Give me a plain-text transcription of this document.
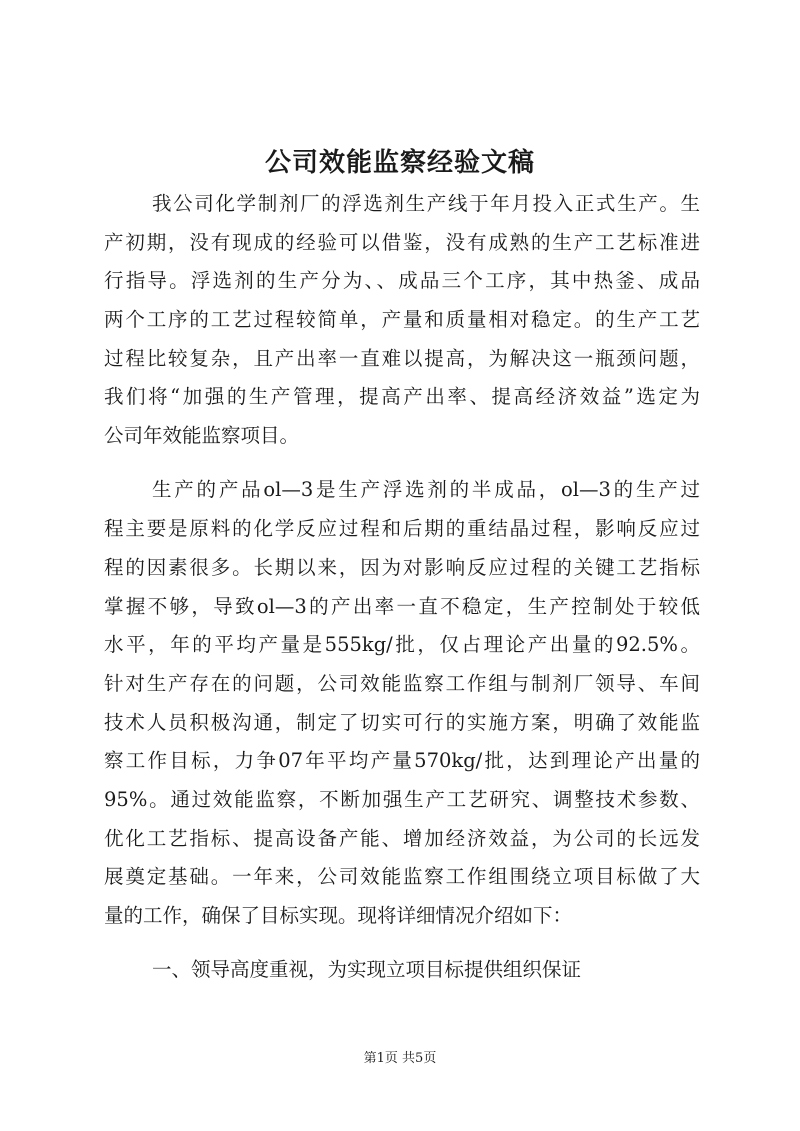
公司效能监察经验文稿

我公司化学制剂厂的浮选剂生产线于年月投入正式生产。生

产初期，没有现成的经验可以借鉴，没有成熟的生产工艺标准进

行指导。浮选剂的生产分为、、成品三个工序，其中热釜、成品

两个工序的工艺过程较简单，产量和质量相对稳定。的生产工艺

过程比较复杂，且产出率一直难以提高，为解决这一瓶颈问题，

我们将“加强的生产管理，提高产出率、提高经济效益”选定为

公司年效能监察项目。

生产的产品ol—3是生产浮选剂的半成品，ol—3的生产过

程主要是原料的化学反应过程和后期的重结晶过程，影响反应过

程的因素很多。长期以来，因为对影响反应过程的关键工艺指标

掌握不够，导致ol—3的产出率一直不稳定，生产控制处于较低

水平，年的平均产量是555kg/批，仅占理论产出量的92.5%。

针对生产存在的问题，公司效能监察工作组与制剂厂领导、车间

技术人员积极沟通，制定了切实可行的实施方案，明确了效能监

察工作目标，力争07年平均产量570kg/批，达到理论产出量的

95%。通过效能监察，不断加强生产工艺研究、调整技术参数、

优化工艺指标、提高设备产能、增加经济效益，为公司的长远发

展奠定基础。一年来，公司效能监察工作组围绕立项目标做了大

量的工作，确保了目标实现。现将详细情况介绍如下：

一、领导高度重视，为实现立项目标提供组织保证

第1页 共5页
